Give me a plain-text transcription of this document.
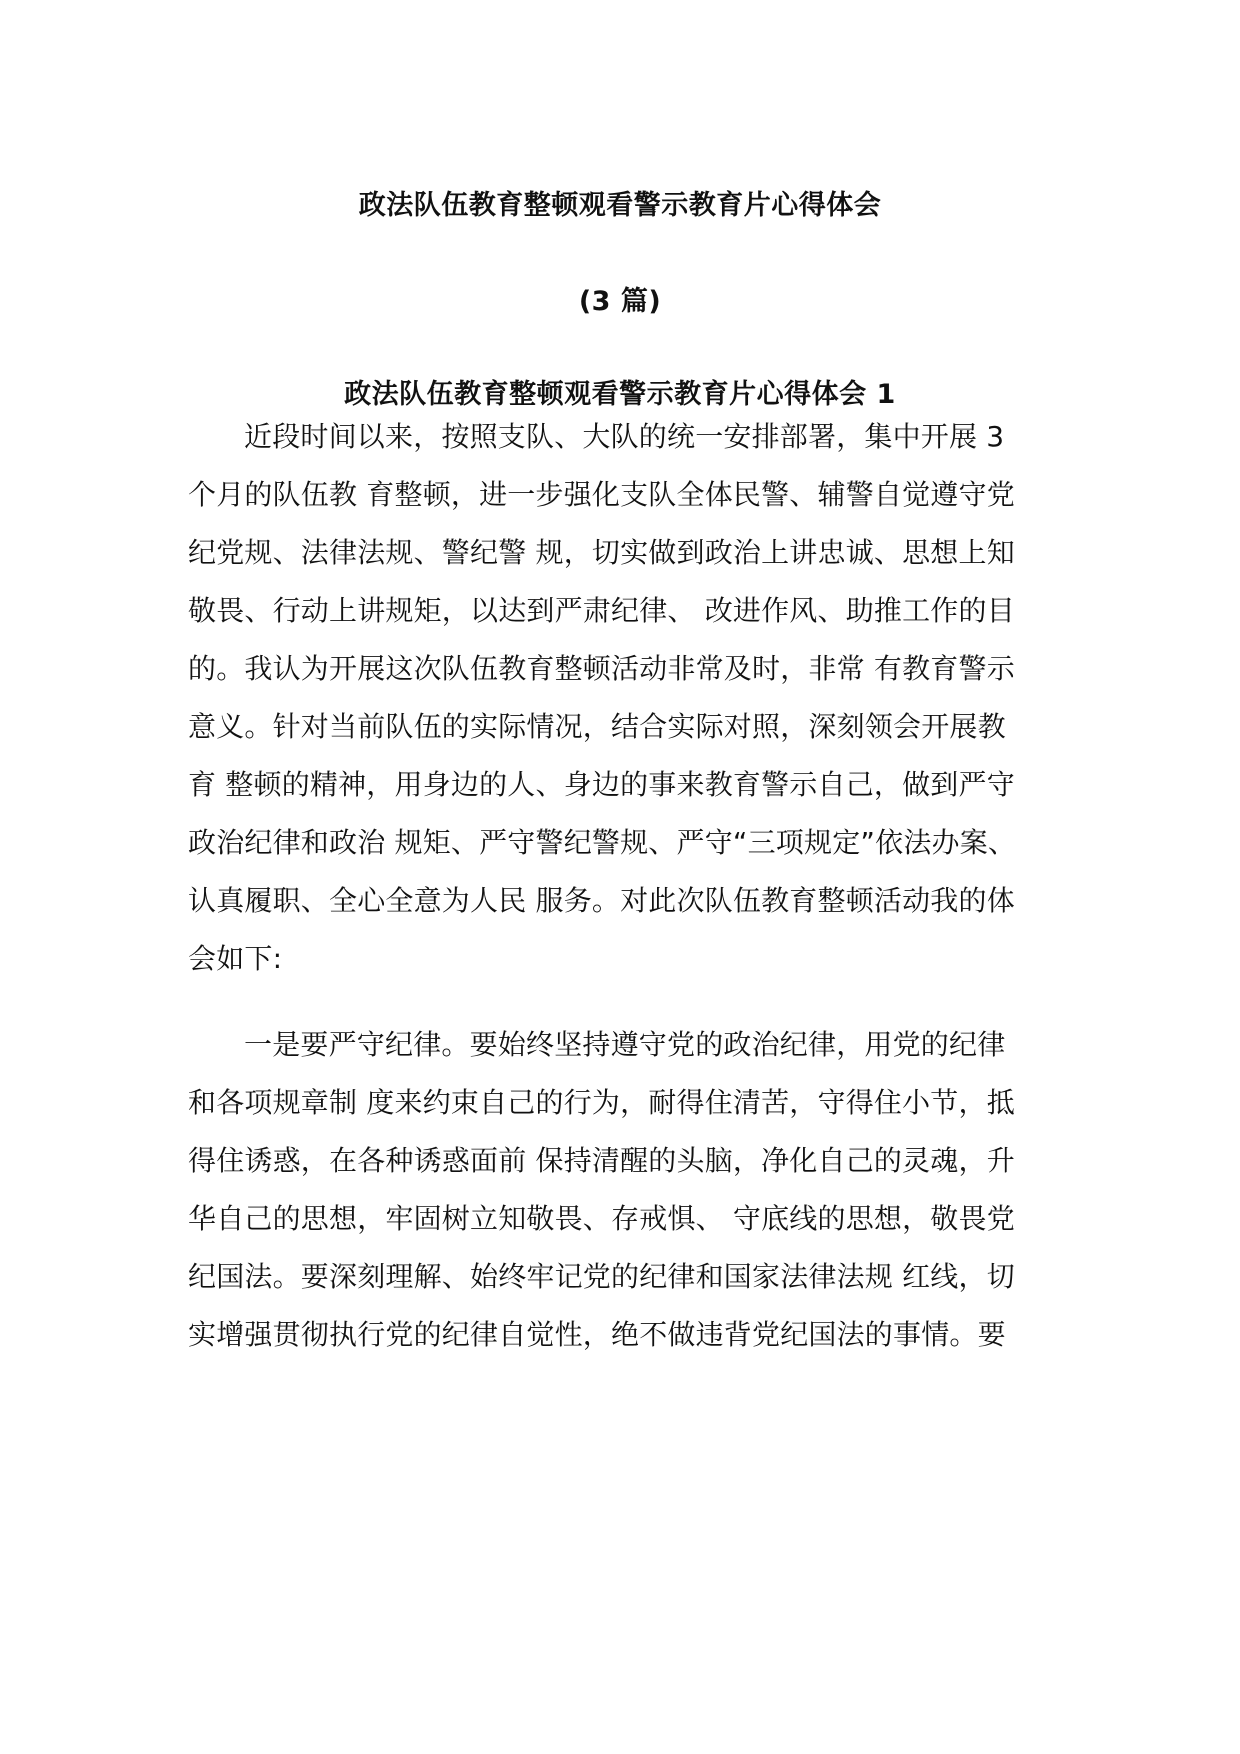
政法队伍教育整顿观看警示教育片心得体会
(3 篇)
政法队伍教育整顿观看警示教育片心得体会 1
近段时间以来，按照支队、大队的统一安排部署，集中开展 3
个月的队伍教 育整顿，进一步强化支队全体民警、辅警自觉遵守党
纪党规、法律法规、警纪警 规，切实做到政治上讲忠诚、思想上知
敬畏、行动上讲规矩，以达到严肃纪律、 改进作风、助推工作的目
的。我认为开展这次队伍教育整顿活动非常及时，非常 有教育警示
意义。针对当前队伍的实际情况，结合实际对照，深刻领会开展教
育 整顿的精神，用身边的人、身边的事来教育警示自己，做到严守
政治纪律和政治 规矩、严守警纪警规、严守“三项规定”依法办案、
认真履职、全心全意为人民 服务。对此次队伍教育整顿活动我的体
会如下:
一是要严守纪律。要始终坚持遵守党的政治纪律，用党的纪律
和各项规章制 度来约束自己的行为，耐得住清苦，守得住小节，抵
得住诱惑，在各种诱惑面前 保持清醒的头脑，净化自己的灵魂，升
华自己的思想，牢固树立知敬畏、存戒惧、 守底线的思想，敬畏党
纪国法。要深刻理解、始终牢记党的纪律和国家法律法规 红线，切
实增强贯彻执行党的纪律自觉性，绝不做违背党纪国法的事情。要
